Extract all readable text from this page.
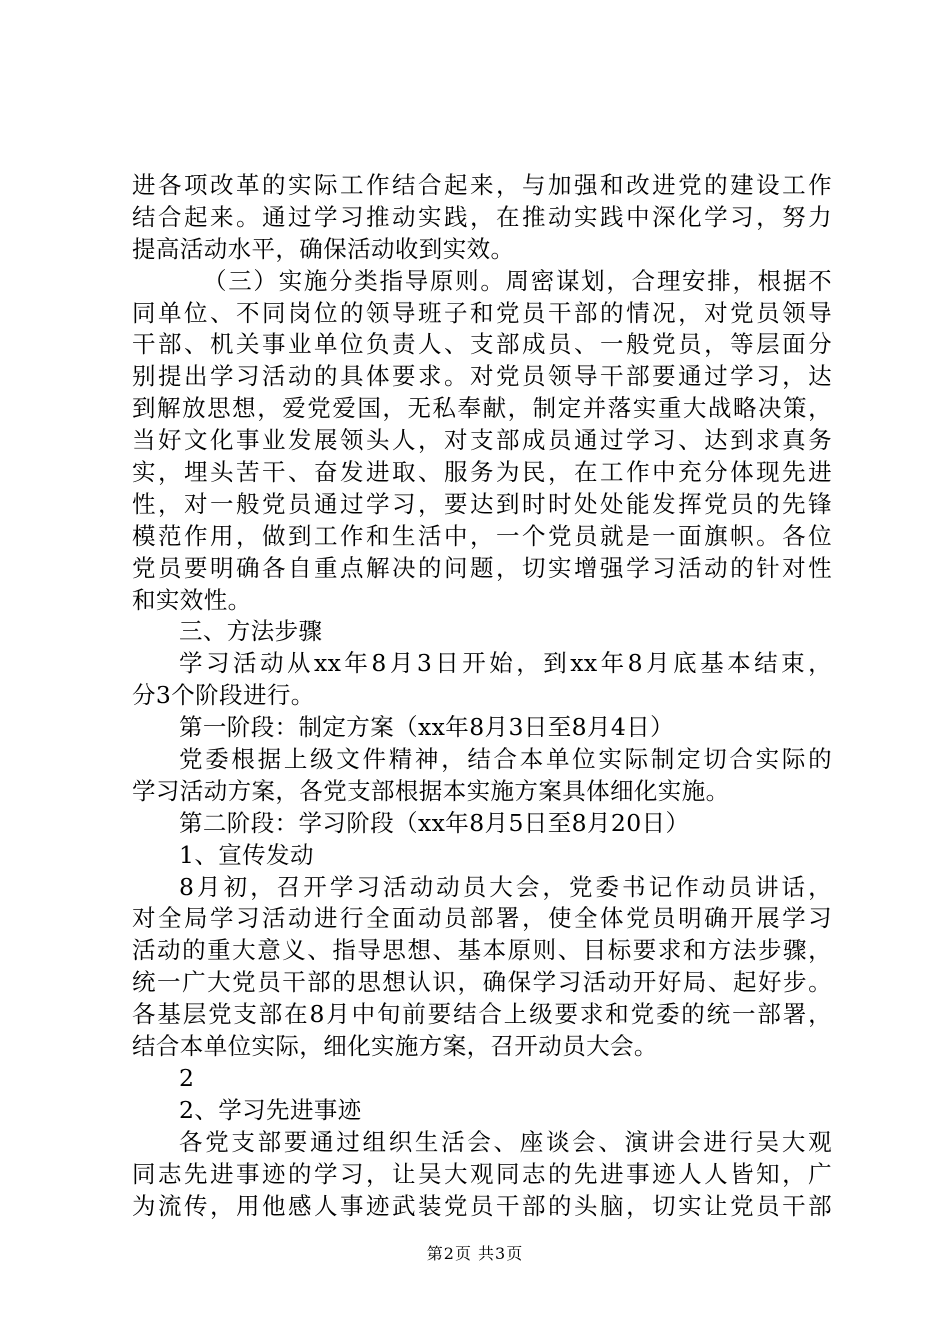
进各项改革的实际工作结合起来，与加强和改进党的建设工作
结合起来。通过学习推动实践，在推动实践中深化学习，努力
提高活动水平，确保活动收到实效。
（三）实施分类指导原则。周密谋划，合理安排，根据不
同单位、不同岗位的领导班子和党员干部的情况，对党员领导
干部、机关事业单位负责人、支部成员、一般党员，等层面分
别提出学习活动的具体要求。对党员领导干部要通过学习，达
到解放思想，爱党爱国，无私奉献，制定并落实重大战略决策，
当好文化事业发展领头人，对支部成员通过学习、达到求真务
实，埋头苦干、奋发进取、服务为民，在工作中充分体现先进
性，对一般党员通过学习，要达到时时处处能发挥党员的先锋
模范作用，做到工作和生活中，一个党员就是一面旗帜。各位
党员要明确各自重点解决的问题，切实增强学习活动的针对性
和实效性。
三、方法步骤
学习活动从xx年8月3日开始，到xx年8月底基本结束，
分3个阶段进行。
第一阶段：制定方案（xx年8月3日至8月4日）
党委根据上级文件精神，结合本单位实际制定切合实际的
学习活动方案，各党支部根据本实施方案具体细化实施。
第二阶段：学习阶段（xx年8月5日至8月20日）
1、宣传发动
8月初，召开学习活动动员大会，党委书记作动员讲话，
对全局学习活动进行全面动员部署，使全体党员明确开展学习
活动的重大意义、指导思想、基本原则、目标要求和方法步骤，
统一广大党员干部的思想认识，确保学习活动开好局、起好步。
各基层党支部在8月中旬前要结合上级要求和党委的统一部署，
结合本单位实际，细化实施方案，召开动员大会。
2
2、学习先进事迹
各党支部要通过组织生活会、座谈会、演讲会进行吴大观
同志先进事迹的学习，让吴大观同志的先进事迹人人皆知，广
为流传，用他感人事迹武装党员干部的头脑，切实让党员干部
第2页 共3页
